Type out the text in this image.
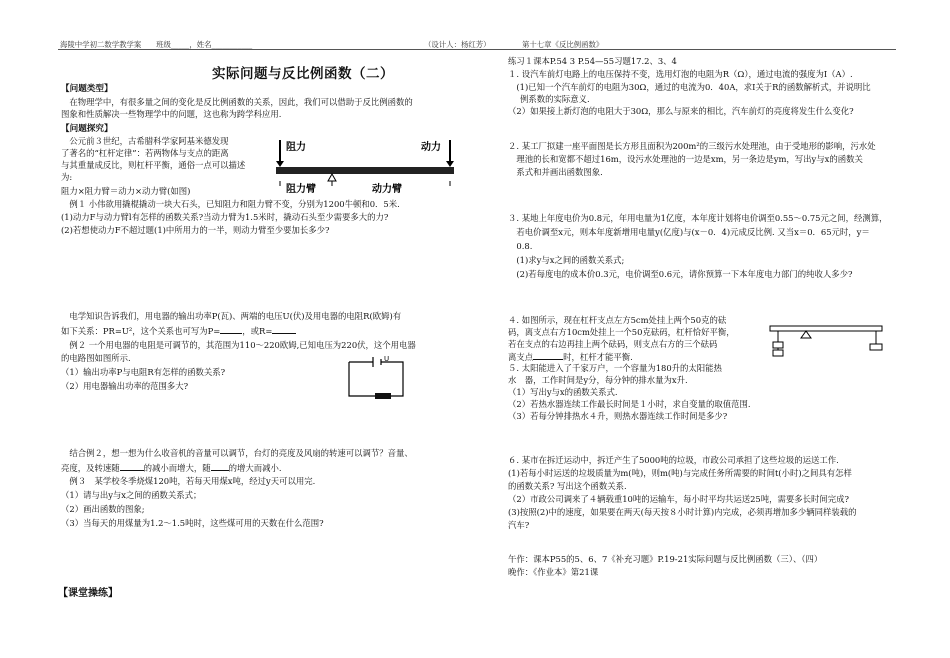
海陵中学初二数学教学案　　班级_____，姓名___________	（设计人：杨红芳）	第十七章《反比例函数》
实际问题与反比例函数（二）
【问题类型】
　在物理学中，有很多量之间的变化是反比例函数的关系，因此，我们可以借助于反比例函数的
图象和性质解决一些物理学中的问题，这也称为跨学科应用.
【问题探究】
　公元前３世纪，古希腊科学家阿基米德发现
了著名的“杠杆定律”：若两物体与支点的距离
与其重量成反比，则杠杆平衡，通俗一点可以描述
为:
阻力	动力
阻力臂	动力臂
阻力×阻力臂＝动力×动力臂(如图)
　例１ 小伟欲用撬棍撬动一块大石头，已知阻力和阻力臂不变，分别为1200牛顿和0．5米.
(1)动力F与动力臂l有怎样的函数关系?当动力臂为1.5米时，撬动石头至少需要多大的力?
(2)若想使动力F不超过题(1)中所用力的一半，则动力臂至少要加长多少?
　电学知识告诉我们，用电器的输出功率P(瓦)、两端的电压U(伏)及用电器的电阻R(欧姆)有
如下关系：PR=U²，这个关系也可写为P=	，或R=
　例２ 一个用电器的电阻是可调节的，其范围为110～220欧姆,已知电压为220伏，这个用电器
的电路图如图所示.
（1）输出功率P与电阻R有怎样的函数关系?
（2）用电器输出功率的范围多大?
U
　结合例２，想一想为什么收音机的音量可以调节，台灯的亮度及风扇的转速可以调节？音量、
亮度，及转速随	的减小而增大，随 的增大而减小.
　例３　某学校冬季烧煤120吨，若每天用煤x吨，经过y天可以用完.
（1）请与出y与x之间的函数关系式；
（2）画出函数的图象;
（3）当每天的用煤量为1.2～1.5吨时，这些煤可用的天数在什么范围?
【课堂操练】
练习１课本P.54 3 P.54—55习题17.2、3、4
１. 设汽车前灯电路上的电压保持不变，选用灯泡的电阻为R（Ω），通过电流的强度为I（A）.
　(1)已知一个汽车前灯的电阻为30Ω，通过的电流为0．40A，求I关于R的函数解析式，并说明比
例系数的实际意义.
（2）如果接上新灯泡的电阻大于30Ω，那么与原来的相比，汽车前灯的亮度将发生什么变化?
２. 某工厂拟建一座平面图是长方形且面积为200m²的三级污水处理池，由于受地形的影响，污水处
　理池的长和宽都不超过16m，设污水处理池的一边是xm，另一条边是ym，写出y与x的函数关
　系式和并画出函数图象．
３. 某地上年度电价为0.8元，年用电量为1亿度，本年度计划将电价调至0.55～0.75元之间，经测算，
　若电价调至x元，则本年度新增用电量y(亿度)与(x－0．4)元成反比例. 又当x＝0．65元时，y＝
　0.8.
　(1)求y与x之间的函数关系式;
　(2)若每度电的成本价0.3元，电价调至0.6元，请你预算一下本年度电力部门的纯收人多少?
４. 如图所示，现在杠杆支点左方5cm处挂上两个50克的砝
码，离支点右方10cm处挂上一个50克砝码，杠杆恰好平衡，
若在支点的右边再挂上两个砝码，则支点右方的三个砝码
离支点	时，杠杆才能平衡.
５. 太阳能进入了千家万户，一个容量为180升的太阳能热
水　器，工作时间是y分，每分钟的排水量为x升.
（1）写出y与x的函数关系式.
（2）若热水器连续工作最长时间是１小时，求自变量的取值范围.
（3）若每分钟排热水４升，则热水器连续工作时间是多少?
６. 某市在拆迁运动中，拆迁产生了5000吨的垃圾，市政公司承担了这些垃圾的运送工作.
(1)若每小时运送的垃圾质量为m(吨)，则m(吨)与完成任务所需要的时间t(小时)之间具有怎样
的函数关系? 写出这个函数关系.
（2）市政公司调来了４辆载重10吨的运输车，每小时平均共运送25吨，需要多长时间完成?
(3)按照(2)中的速度，如果要在两天(每天按８小时计算)内完成，必须再增加多少辆同样装载的
汽车?
午作：课本P55的5、6、7《补充习题》P.19-21实际问题与反比例函数（三）、（四）
晚作：《作业本》第21课
